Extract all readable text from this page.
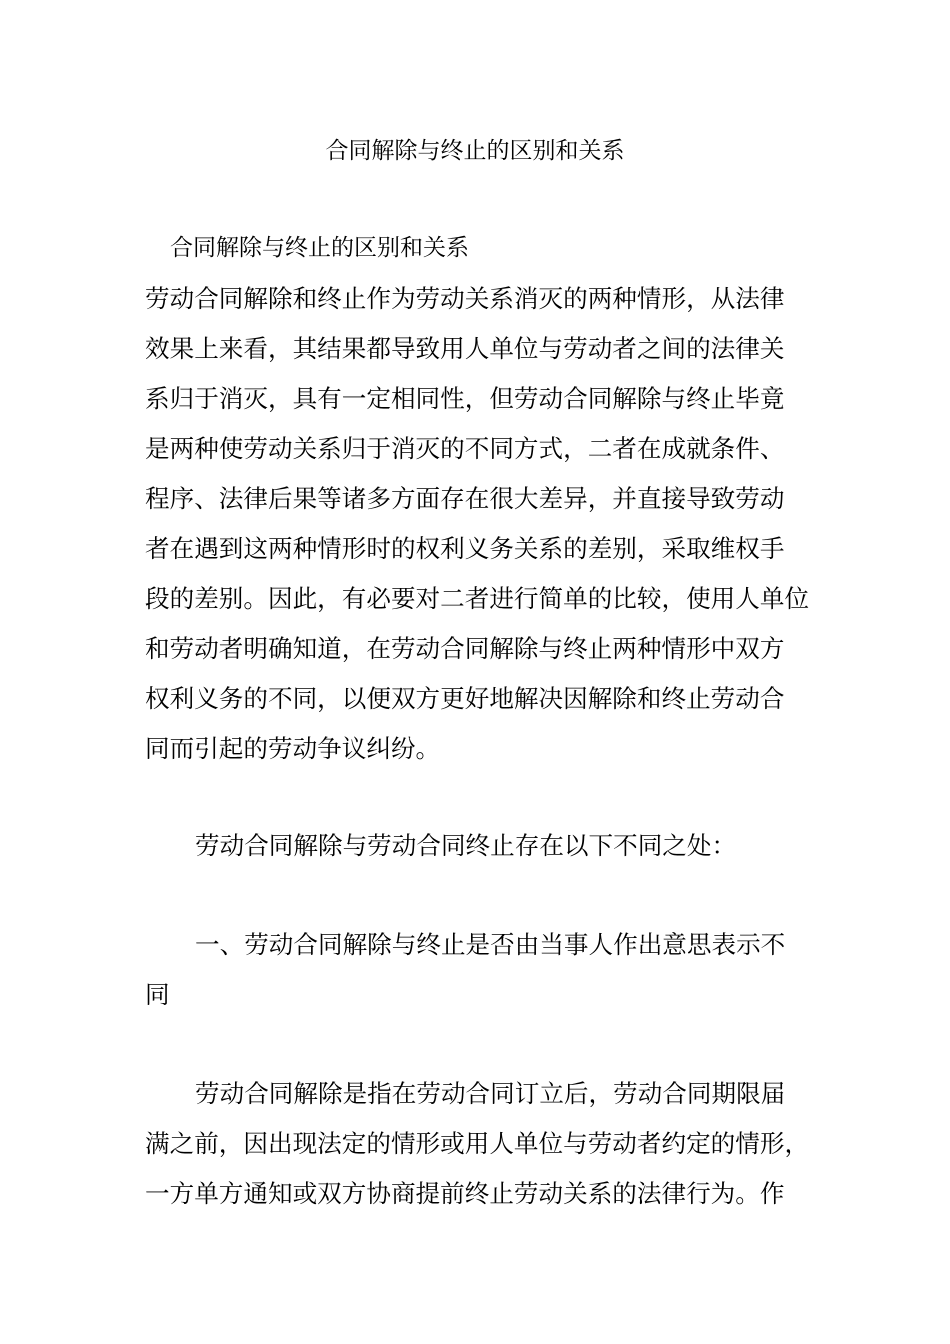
合同解除与终止的区别和关系
合同解除与终止的区别和关系
劳动合同解除和终止作为劳动关系消灭的两种情形，从法律
效果上来看，其结果都导致用人单位与劳动者之间的法律关
系归于消灭，具有一定相同性，但劳动合同解除与终止毕竟
是两种使劳动关系归于消灭的不同方式，二者在成就条件、
程序、法律后果等诸多方面存在很大差异，并直接导致劳动
者在遇到这两种情形时的权利义务关系的差别，采取维权手
段的差别。因此，有必要对二者进行简单的比较，使用人单位
和劳动者明确知道，在劳动合同解除与终止两种情形中双方
权利义务的不同，以便双方更好地解决因解除和终止劳动合
同而引起的劳动争议纠纷。
劳动合同解除与劳动合同终止存在以下不同之处：
一、劳动合同解除与终止是否由当事人作出意思表示不
同
劳动合同解除是指在劳动合同订立后，劳动合同期限届
满之前，因出现法定的情形或用人单位与劳动者约定的情形，
一方单方通知或双方协商提前终止劳动关系的法律行为。作
